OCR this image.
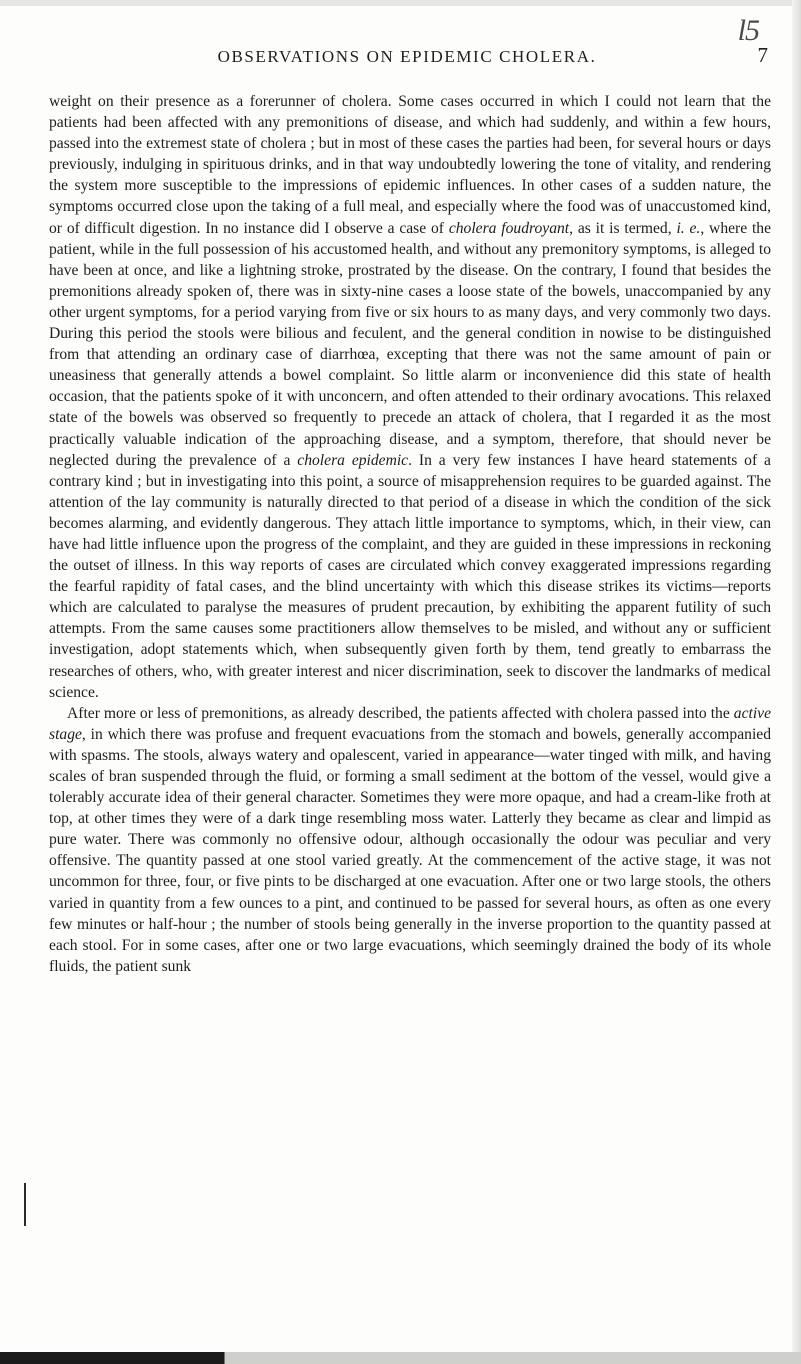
l5
OBSERVATIONS ON EPIDEMIC CHOLERA.	7

weight on their presence as a forerunner of cholera. Some cases occurred in which I could not learn that the patients had been affected with any premonitions of disease, and which had suddenly, and within a few hours, passed into the extremest state of cholera ; but in most of these cases the parties had been, for several hours or days previously, indulging in spirituous drinks, and in that way undoubtedly lowering the tone of vitality, and rendering the system more susceptible to the impressions of epidemic influences. In other cases of a sudden nature, the symptoms occurred close upon the taking of a full meal, and especially where the food was of unaccustomed kind, or of difficult digestion. In no instance did I observe a case of cholera foudroyant, as it is termed, i. e., where the patient, while in the full possession of his accustomed health, and without any premonitory symptoms, is alleged to have been at once, and like a lightning stroke, prostrated by the disease. On the contrary, I found that besides the premonitions already spoken of, there was in sixty-nine cases a loose state of the bowels, unaccompanied by any other urgent symptoms, for a period varying from five or six hours to as many days, and very commonly two days. During this period the stools were bilious and feculent, and the general condition in nowise to be distinguished from that attending an ordinary case of diarrhœa, excepting that there was not the same amount of pain or uneasiness that generally attends a bowel complaint. So little alarm or inconvenience did this state of health occasion, that the patients spoke of it with unconcern, and often attended to their ordinary avocations. This relaxed state of the bowels was observed so frequently to precede an attack of cholera, that I regarded it as the most practically valuable indication of the approaching disease, and a symptom, therefore, that should never be neglected during the prevalence of a cholera epidemic. In a very few instances I have heard statements of a contrary kind ; but in investigating into this point, a source of misapprehension requires to be guarded against. The attention of the lay community is naturally directed to that period of a disease in which the condition of the sick becomes alarming, and evidently dangerous. They attach little importance to symptoms, which, in their view, can have had little influence upon the progress of the complaint, and they are guided in these impressions in reckoning the outset of illness. In this way reports of cases are circulated which convey exaggerated impressions regarding the fearful rapidity of fatal cases, and the blind uncertainty with which this disease strikes its victims—reports which are calculated to paralyse the measures of prudent precaution, by exhibiting the apparent futility of such attempts. From the same causes some practitioners allow themselves to be misled, and without any or sufficient investigation, adopt statements which, when subsequently given forth by them, tend greatly to embarrass the researches of others, who, with greater interest and nicer discrimination, seek to discover the landmarks of medical science.

After more or less of premonitions, as already described, the patients affected with cholera passed into the active stage, in which there was profuse and frequent evacuations from the stomach and bowels, generally accompanied with spasms. The stools, always watery and opalescent, varied in appearance—water tinged with milk, and having scales of bran suspended through the fluid, or forming a small sediment at the bottom of the vessel, would give a tolerably accurate idea of their general character. Sometimes they were more opaque, and had a cream-like froth at top, at other times they were of a dark tinge resembling moss water. Latterly they became as clear and limpid as pure water. There was commonly no offensive odour, although occasionally the odour was peculiar and very offensive. The quantity passed at one stool varied greatly. At the commencement of the active stage, it was not uncommon for three, four, or five pints to be discharged at one evacuation. After one or two large stools, the others varied in quantity from a few ounces to a pint, and continued to be passed for several hours, as often as one every few minutes or half-hour ; the number of stools being generally in the inverse proportion to the quantity passed at each stool. For in some cases, after one or two large evacuations, which seemingly drained the body of its whole fluids, the patient sunk
